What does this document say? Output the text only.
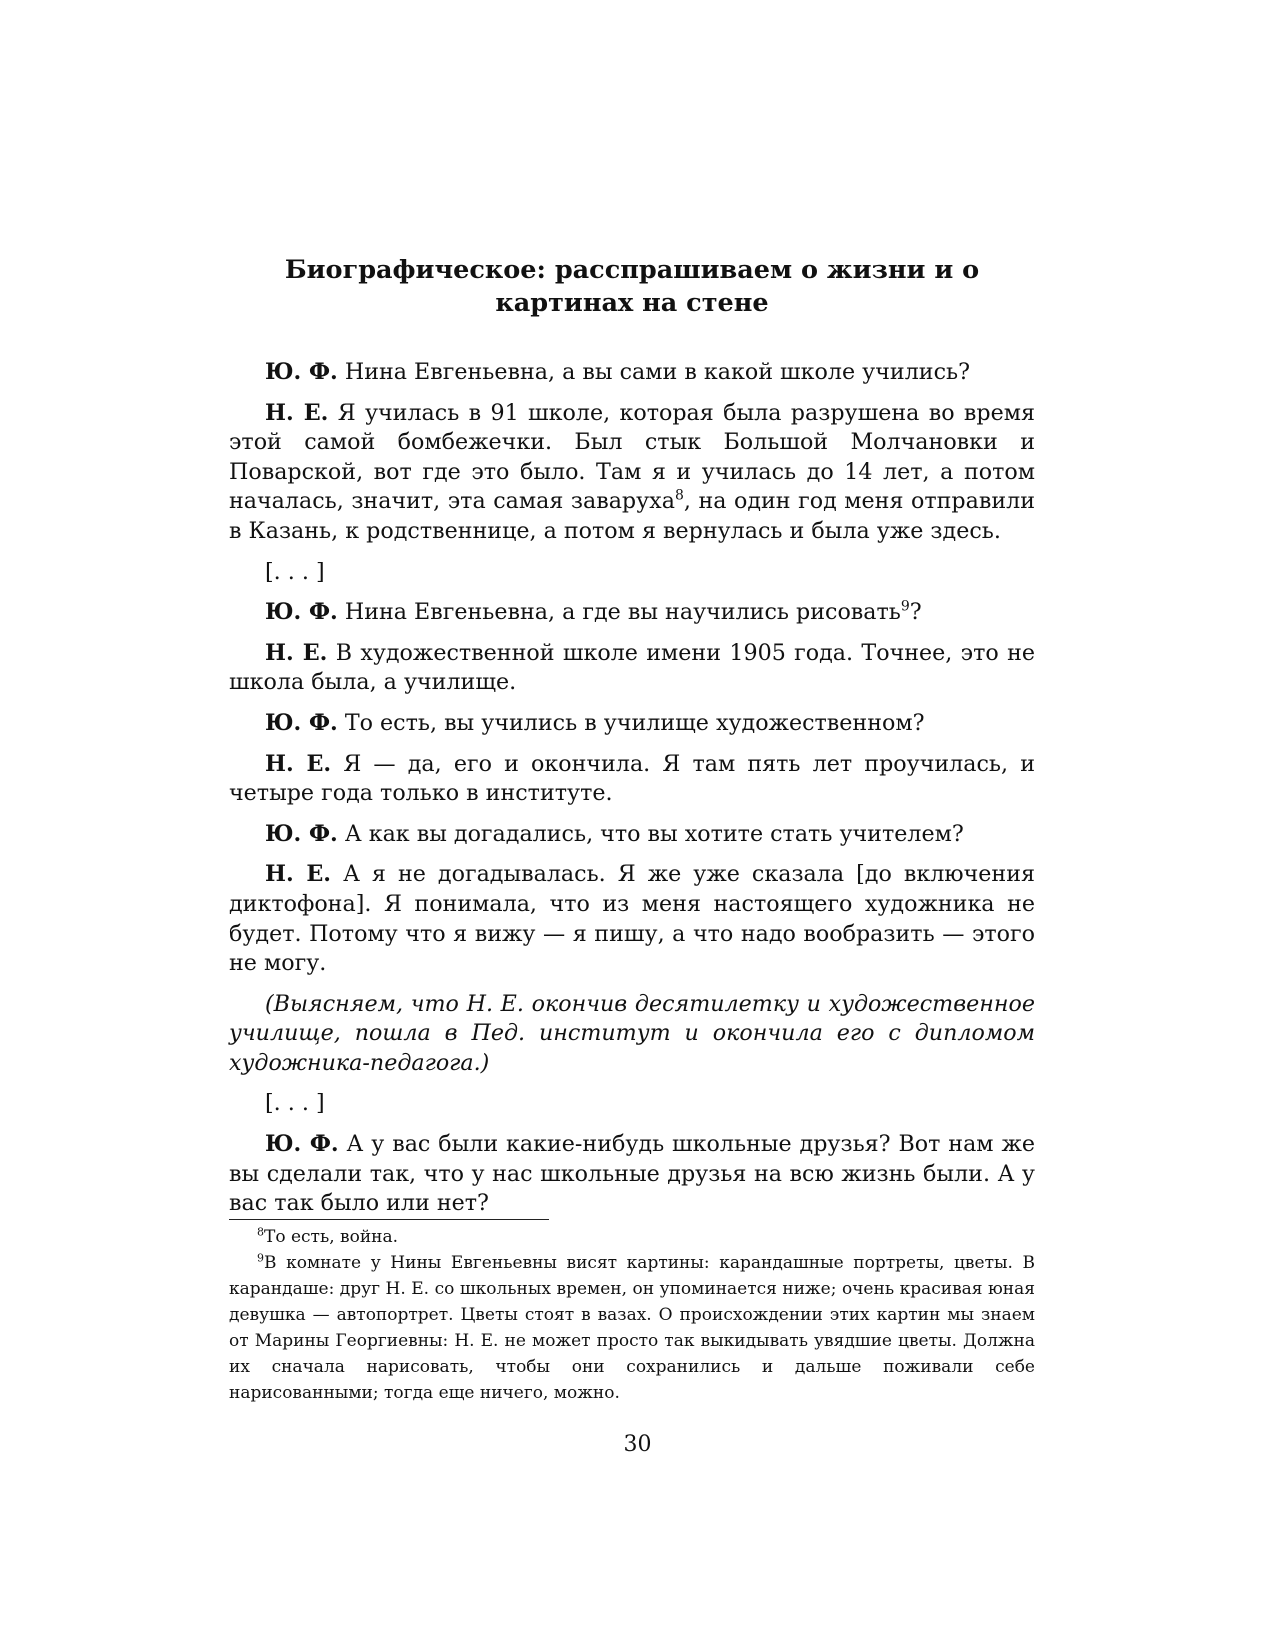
Биографическое: расспрашиваем о жизни и о
картинах на стене

Ю. Ф. Нина Евгеньевна, а вы сами в какой школе учились?

Н. Е. Я училась в 91 школе, которая была разрушена во время этой самой бомбежечки. Был стык Большой Молчановки и Поварской, вот где это было. Там я и училась до 14 лет, а потом началась, значит, эта самая заваруха$^8$, на один год меня отправили в Казань, к родственнице, а потом я вернулась и была уже здесь.

[. . . ]

Ю. Ф. Нина Евгеньевна, а где вы научились рисовать$^9$?

Н. Е. В художественной школе имени 1905 года. Точнее, это не школа была, а училище.

Ю. Ф. То есть, вы учились в училище художественном?

Н. Е. Я — да, его и окончила. Я там пять лет проучилась, и четыре года только в институте.

Ю. Ф. А как вы догадались, что вы хотите стать учителем?

Н. Е. А я не догадывалась. Я же уже сказала [до включения диктофона]. Я понимала, что из меня настоящего художника не будет. Потому что я вижу — я пишу, а что надо вообразить — этого не могу.

(Выясняем, что Н. Е. окончив десятилетку и художественное училище, пошла в Пед. институт и окончила его с дипломом художника-педагога.)

[. . . ]

Ю. Ф. А у вас были какие-нибудь школьные друзья? Вот нам же вы сделали так, что у нас школьные друзья на всю жизнь были. А у вас так было или нет?

$^8$То есть, война.

$^9$В комнате у Нины Евгеньевны висят картины: карандашные портреты, цветы. В карандаше: друг Н. Е. со школьных времен, он упоминается ниже; очень красивая юная девушка — автопортрет. Цветы стоят в вазах. О происхождении этих картин мы знаем от Марины Георгиевны: Н. Е. не может просто так выкидывать увядшие цветы. Должна их сначала нарисовать, чтобы они сохранились и дальше поживали себе нарисованными; тогда еще ничего, можно.

30
